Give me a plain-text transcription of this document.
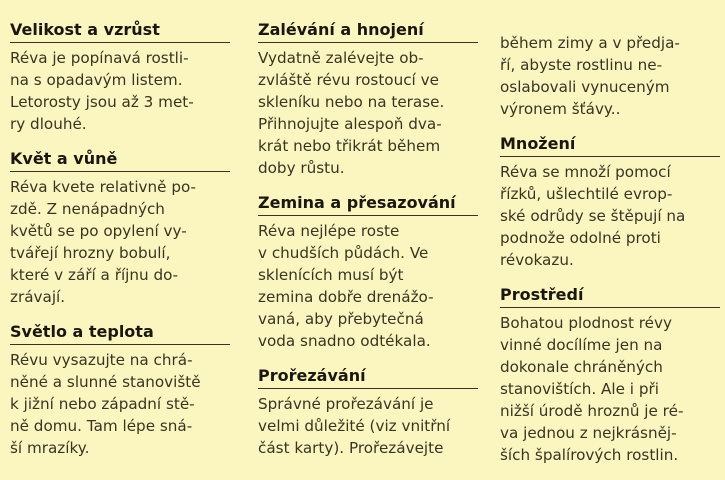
Velikost a vzrůst
Réva je popínavá rostli-
na s opadavým listem.
Letorosty jsou až 3 met-
ry dlouhé.
Květ a vůně
Réva kvete relativně po-
zdě. Z nenápadných
květů se po opylení vy-
tvářejí hrozny bobulí,
které v září a říjnu do-
zrávají.
Světlo a teplota
Révu vysazujte na chrá-
něné a slunné stanoviště
k jižní nebo západní stě-
ně domu. Tam lépe sná-
ší mrazíky.
Zalévání a hnojení
Vydatně zalévejte ob-
zvláště révu rostoucí ve
skleníku nebo na terase.
Přihnojujte alespoň dva-
krát nebo třikrát během
doby růstu.
Zemina a přesazování
Réva nejlépe roste
v chudších půdách. Ve
sklenících musí být
zemina dobře drenážo-
vaná, aby přebytečná
voda snadno odtékala.
Prořezávání
Správné prořezávání je
velmi důležité (viz vnitřní
část karty). Prořezávejte
během zimy a v předja-
ří, abyste rostlinu ne-
oslabovali vynuceným
výronem šťávy..
Množení
Réva se množí pomocí
řízků, ušlechtilé evrop-
ské odrůdy se štěpují na
podnože odolné proti
révokazu.
Prostředí
Bohatou plodnost révy
vinné docílíme jen na
dokonale chráněných
stanovištích. Ale i při
nižší úrodě hroznů je ré-
va jednou z nejkrásněj-
ších špalírových rostlin.
